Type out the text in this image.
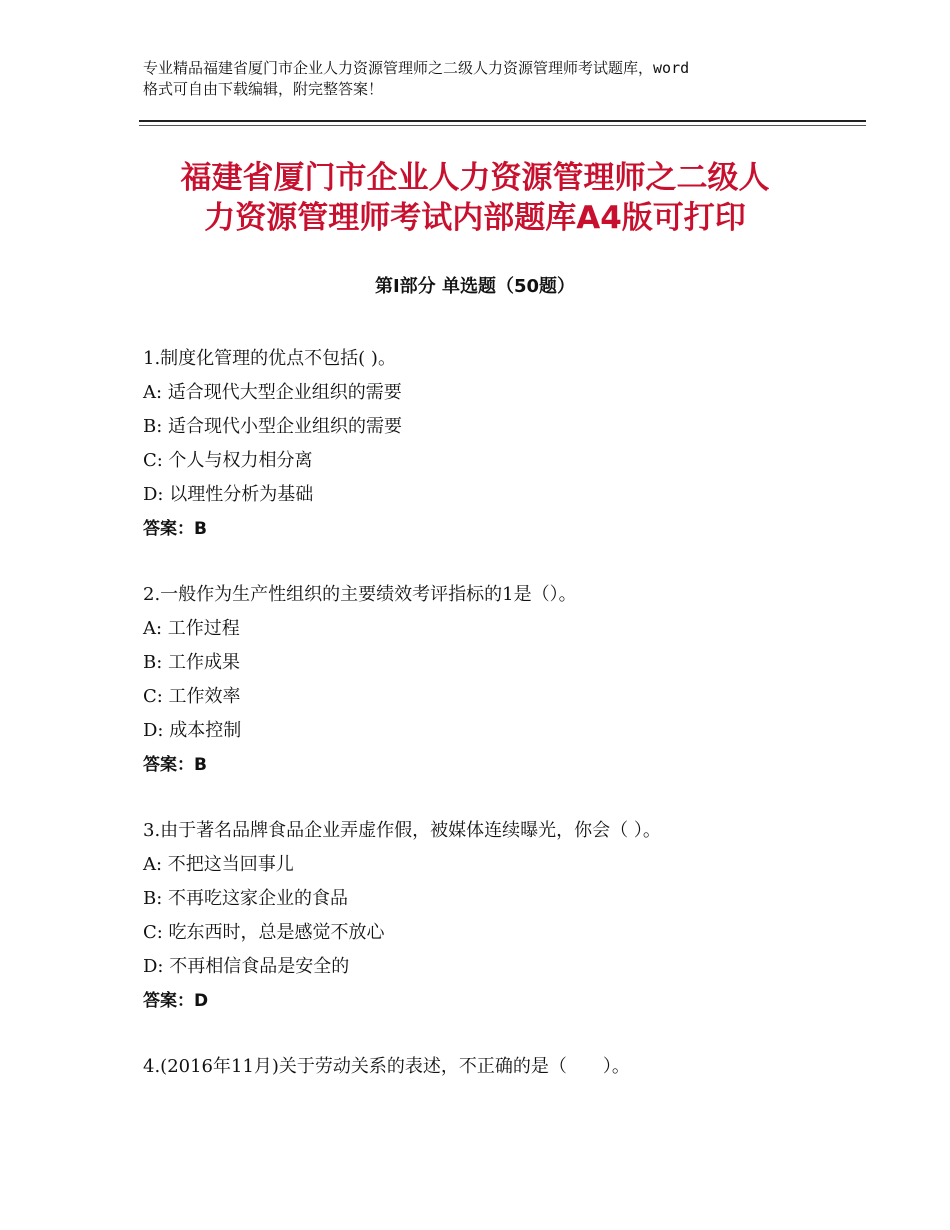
专业精品福建省厦门市企业人力资源管理师之二级人力资源管理师考试题库，word
格式可自由下载编辑，附完整答案！
福建省厦门市企业人力资源管理师之二级人
力资源管理师考试内部题库A4版可打印
第Ⅰ部分 单选题（50题）
1.制度化管理的优点不包括( )。
A: 适合现代大型企业组织的需要
B: 适合现代小型企业组织的需要
C: 个人与权力相分离
D: 以理性分析为基础
答案：B
2.一般作为生产性组织的主要绩效考评指标的1是（）。
A: 工作过程
B: 工作成果
C: 工作效率
D: 成本控制
答案：B
3.由于著名品牌食品企业弄虚作假，被媒体连续曝光，你会（ ）。
A: 不把这当回事儿
B: 不再吃这家企业的食品
C: 吃东西时，总是感觉不放心
D: 不再相信食品是安全的
答案：D
4.(2016年11月)关于劳动关系的表述，不正确的是（　　）。
